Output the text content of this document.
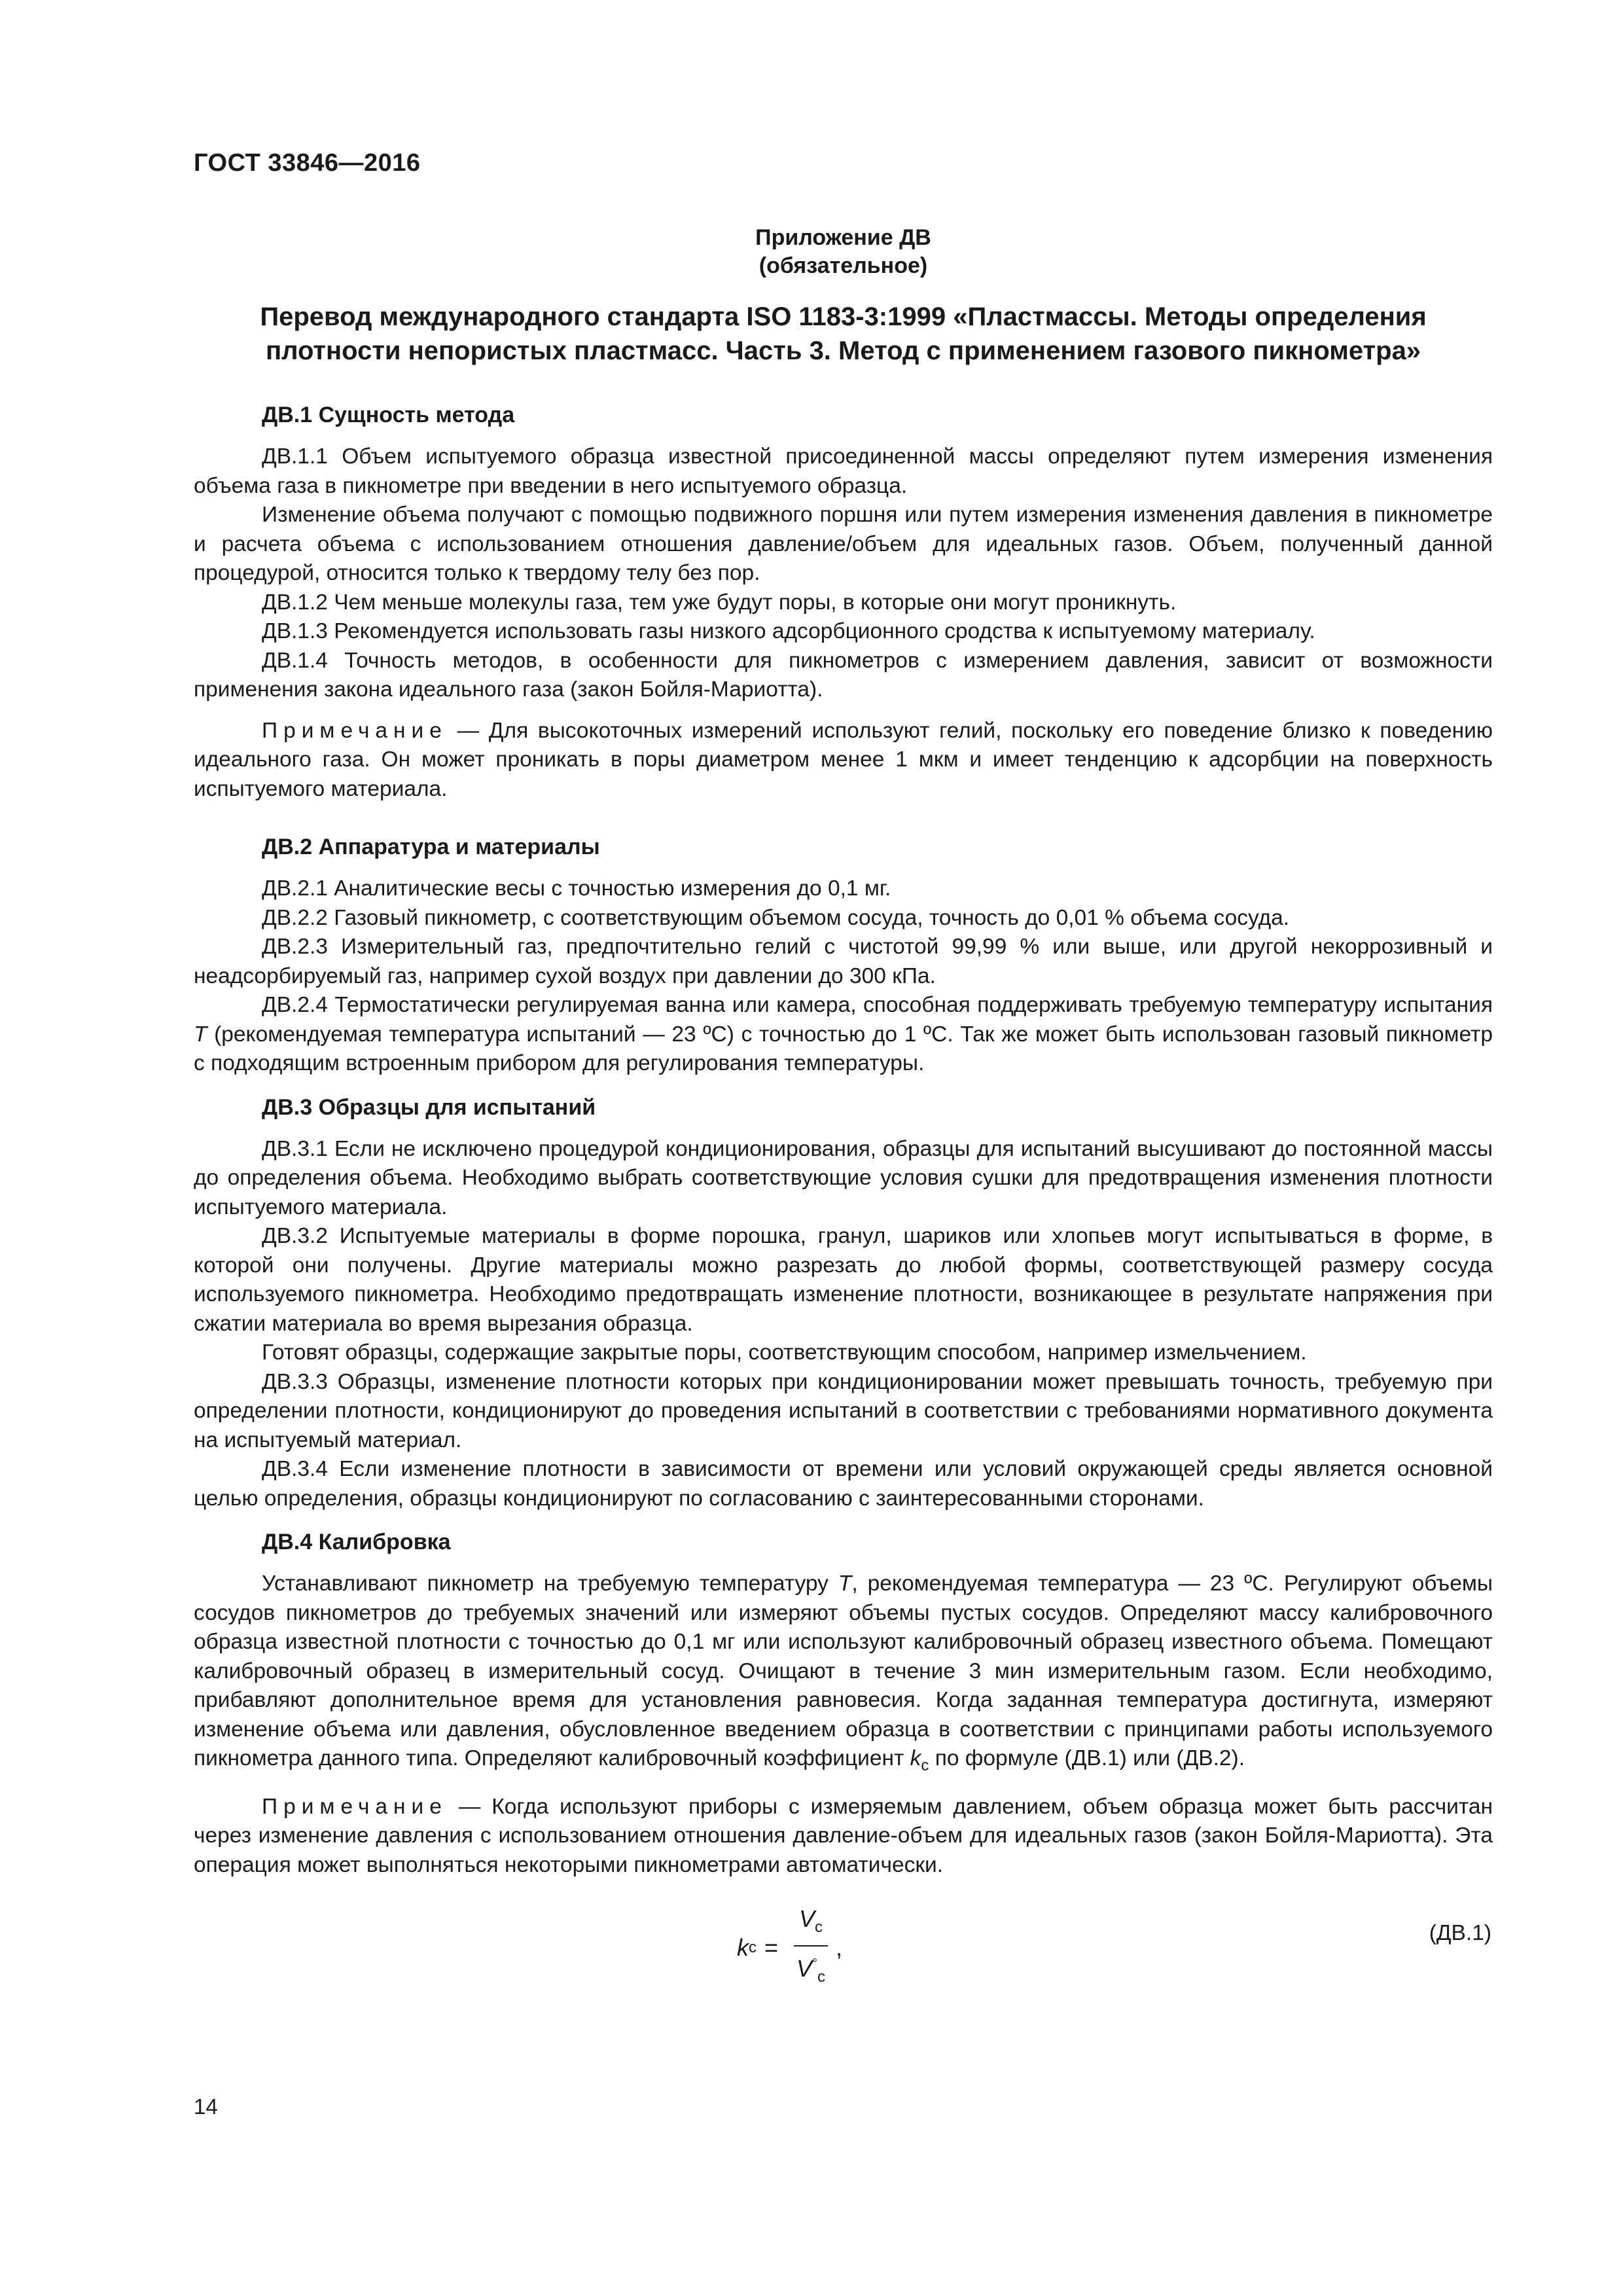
ГОСТ 33846—2016
Приложение ДВ
(обязательное)
Перевод международного стандарта ISO 1183-3:1999 «Пластмассы. Методы определения
плотности непористых пластмасс. Часть 3. Метод с применением газового пикнометра»
ДВ.1 Сущность метода

ДВ.1.1 Объем испытуемого образца известной присоединенной массы определяют путем измерения изменения объема газа в пикнометре при введении в него испытуемого образца.

Изменение объема получают с помощью подвижного поршня или путем измерения изменения давления в пикнометре и расчета объема с использованием отношения давление/объем для идеальных газов. Объем, полученный данной процедурой, относится только к твердому телу без пор.

ДВ.1.2 Чем меньше молекулы газа, тем уже будут поры, в которые они могут проникнуть.

ДВ.1.3 Рекомендуется использовать газы низкого адсорбционного сродства к испытуемому материалу.

ДВ.1.4 Точность методов, в особенности для пикнометров с измерением давления, зависит от возможности применения закона идеального газа (закон Бойля-Мариотта).

Примечание — Для высокоточных измерений используют гелий, поскольку его поведение близко к поведению идеального газа. Он может проникать в поры диаметром менее 1 мкм и имеет тенденцию к адсорбции на поверхность испытуемого материала.

ДВ.2 Аппаратура и материалы

ДВ.2.1 Аналитические весы с точностью измерения до 0,1 мг.

ДВ.2.2 Газовый пикнометр, с соответствующим объемом сосуда, точность до 0,01 % объема сосуда.

ДВ.2.3 Измерительный газ, предпочтительно гелий с чистотой 99,99 % или выше, или другой некоррозивный и неадсорбируемый газ, например сухой воздух при давлении до 300 кПа.

ДВ.2.4 Термостатически регулируемая ванна или камера, способная поддерживать требуемую температуру испытания T (рекомендуемая температура испытаний — 23 ºС) с точностью до 1 ºС. Так же может быть использован газовый пикнометр с подходящим встроенным прибором для регулирования температуры.

ДВ.3 Образцы для испытаний

ДВ.3.1 Если не исключено процедурой кондиционирования, образцы для испытаний высушивают до постоянной массы до определения объема. Необходимо выбрать соответствующие условия сушки для предотвращения изменения плотности испытуемого материала.

ДВ.3.2 Испытуемые материалы в форме порошка, гранул, шариков или хлопьев могут испытываться в форме, в которой они получены. Другие материалы можно разрезать до любой формы, соответствующей размеру сосуда используемого пикнометра. Необходимо предотвращать изменение плотности, возникающее в результате напряжения при сжатии материала во время вырезания образца.

Готовят образцы, содержащие закрытые поры, соответствующим способом, например измельчением.

ДВ.3.3 Образцы, изменение плотности которых при кондиционировании может превышать точность, требуемую при определении плотности, кондиционируют до проведения испытаний в соответствии с требованиями нормативного документа на испытуемый материал.

ДВ.3.4 Если изменение плотности в зависимости от времени или условий окружающей среды является основной целью определения, образцы кондиционируют по согласованию с заинтересованными сторонами.

ДВ.4 Калибровка

Устанавливают пикнометр на требуемую температуру T, рекомендуемая температура — 23 ºС. Регулируют объемы сосудов пикнометров до требуемых значений или измеряют объемы пустых сосудов. Определяют массу калибровочного образца известной плотности с точностью до 0,1 мг или используют калибровочный образец известного объема. Помещают калибровочный образец в измерительный сосуд. Очищают в течение 3 мин измерительным газом. Если необходимо, прибавляют дополнительное время для установления равновесия. Когда заданная температура достигнута, измеряют изменение объема или давления, обусловленное введением образца в соответствии с принципами работы используемого пикнометра данного типа. Определяют калибровочный коэффициент $k_c$ по формуле (ДВ.1) или (ДВ.2).

Примечание — Когда используют приборы с измеряемым давлением, объем образца может быть рассчитан через изменение давления с использованием отношения давление-объем для идеальных газов (закон Бойля-Мариотта). Эта операция может выполняться некоторыми пикнометрами автоматически.

k $c = \frac{V_c}{V^\circ_c}$ ,
(ДВ.1)
14
